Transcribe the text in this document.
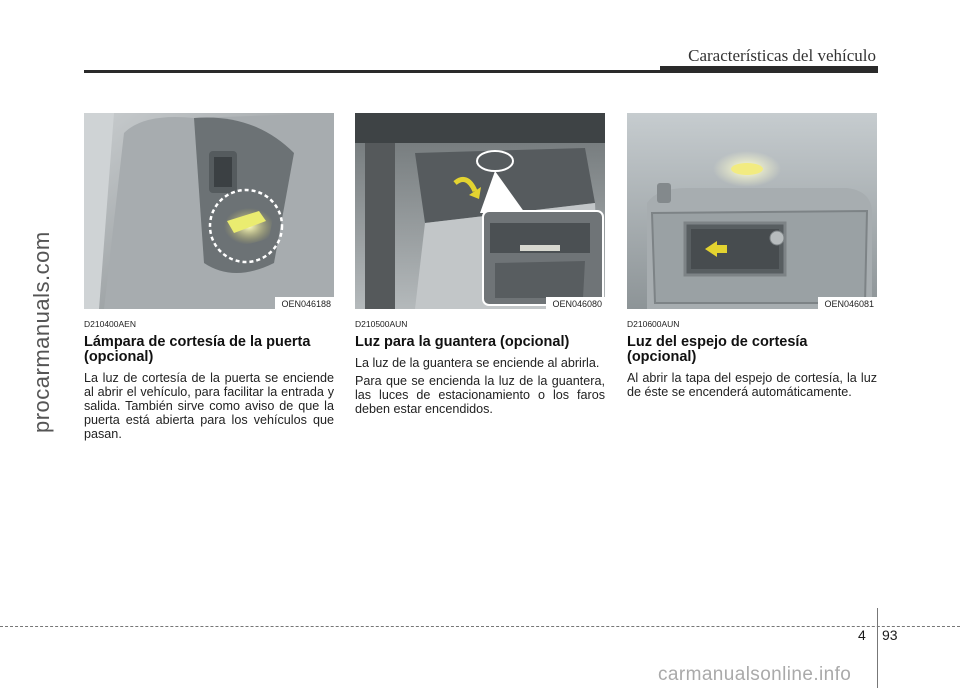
Características del vehículo
procarmanuals.com	OEN046188
D210400AEN
Lámpara de cortesía de la puerta (opcional)

La luz de cortesía de la puerta se enciende al abrir el vehículo, para facilitar la entrada y salida. También sirve como aviso de que la puerta está abierta para los vehículos que pasan.

OEN046080
D210500AUN
Luz para la guantera (opcional)

La luz de la guantera se enciende al abrirla.

Para que se encienda la luz de la guantera, las luces de estacionamiento o los faros deben estar encendidos.

OEN046081
D210600AUN
Luz del espejo de cortesía (opcional)

Al abrir la tapa del espejo de cortesía, la luz de éste se encenderá automáticamente.

4 93
carmanualsonline.info
